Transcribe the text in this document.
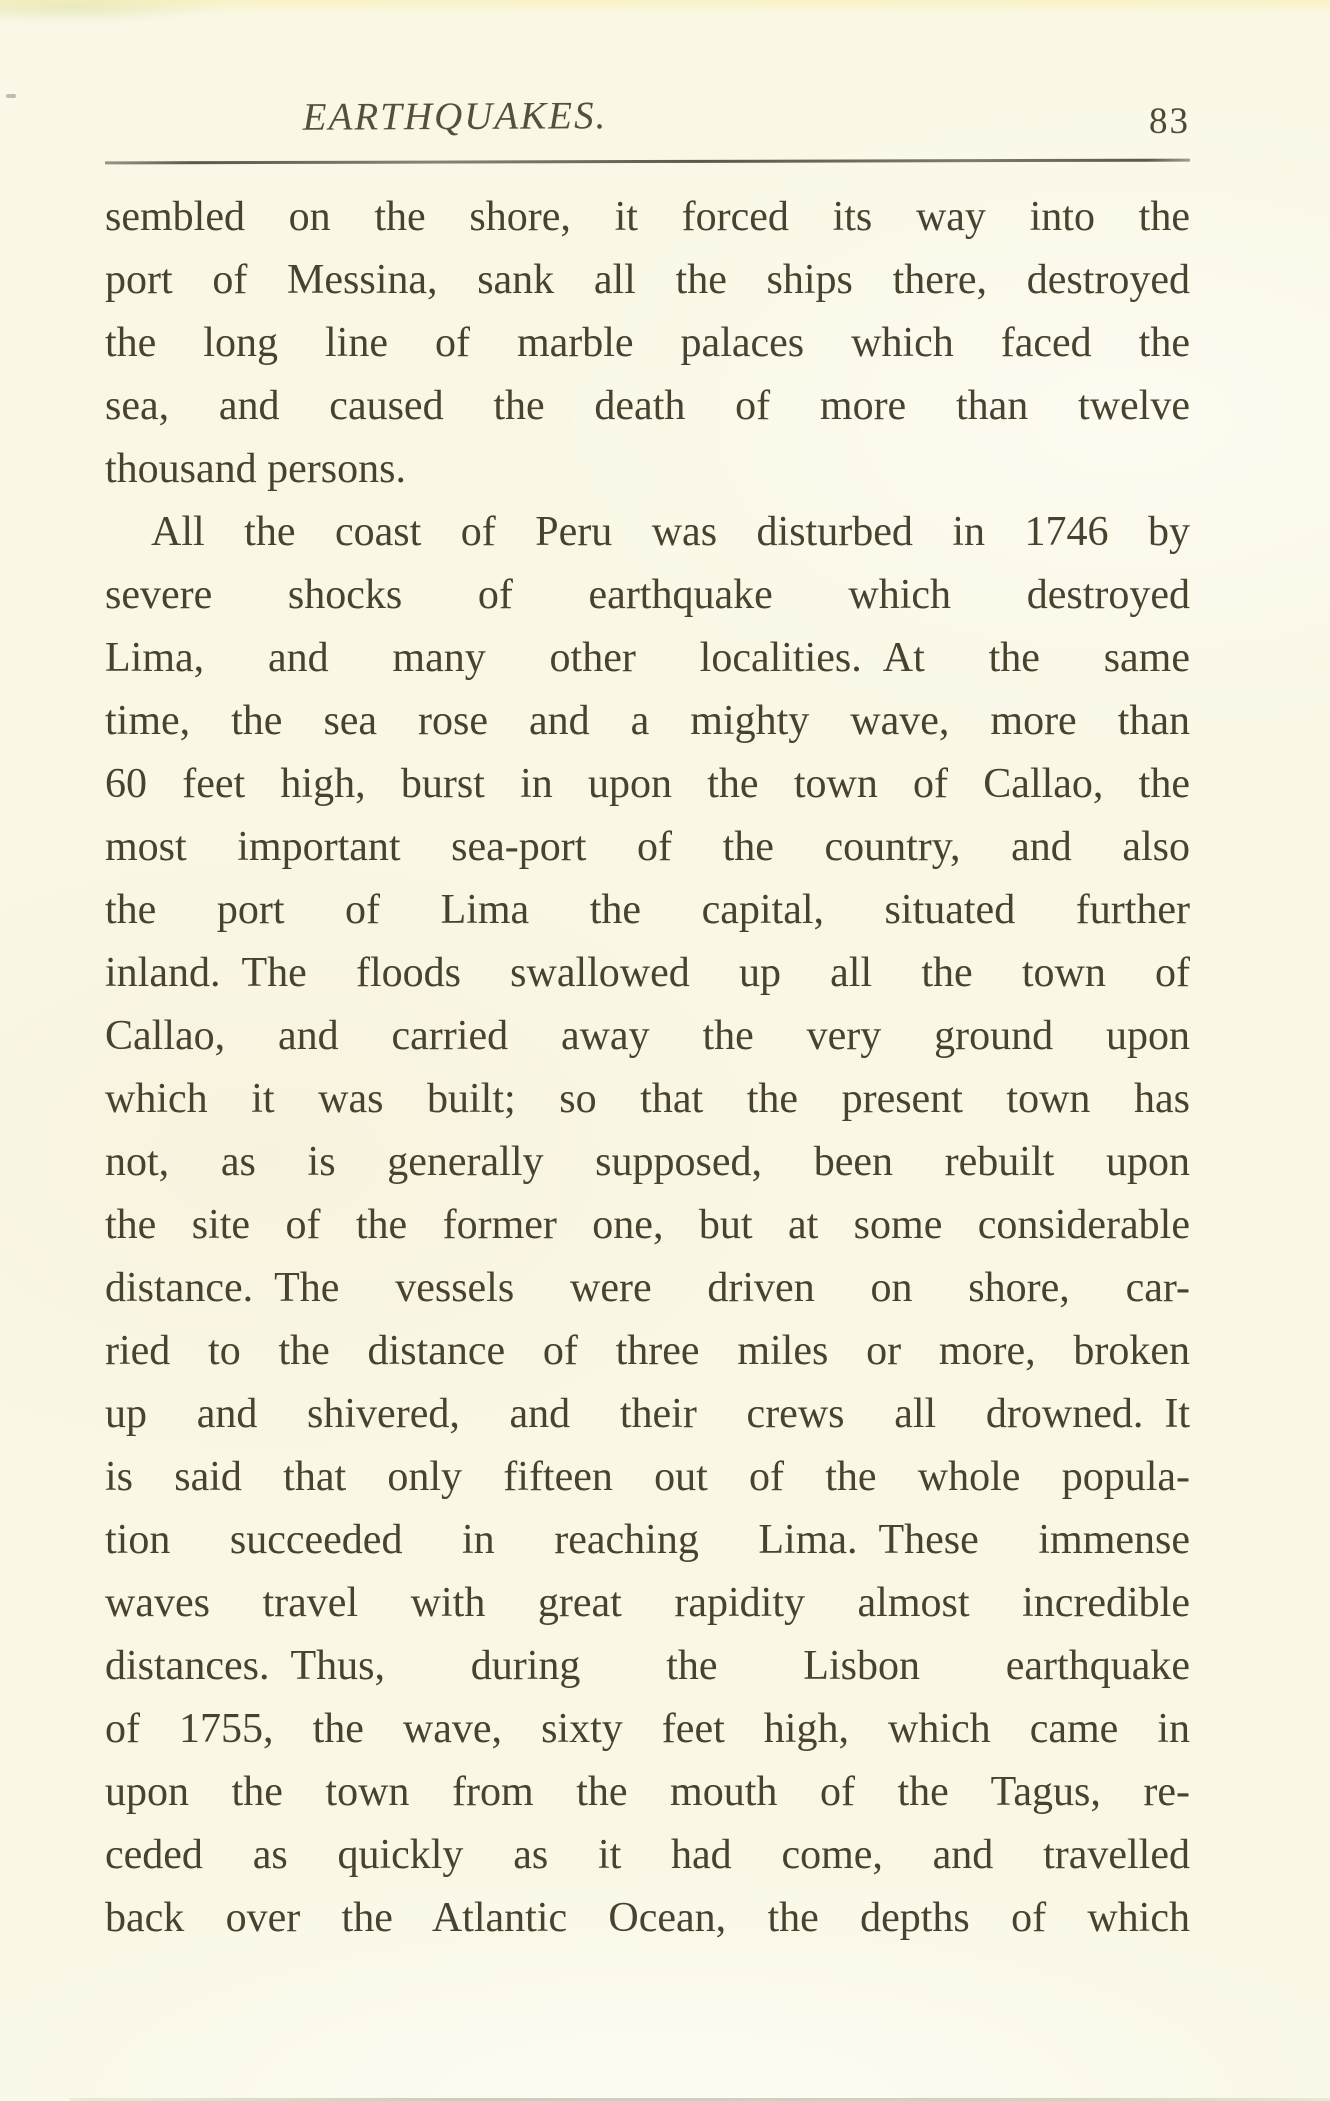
EARTHQUAKES.	83
sembled on the shore, it forced its way into the
port of Messina, sank all the ships there, destroyed
the long line of marble palaces which faced the
sea, and caused the death of more than twelve
thousand persons.
All the coast of Peru was disturbed in 1746 by
severe shocks of earthquake which destroyed
Lima, and many other localities. At the same
time, the sea rose and a mighty wave, more than
60 feet high, burst in upon the town of Callao, the
most important sea-port of the country, and also
the port of Lima the capital, situated further
inland. The floods swallowed up all the town of
Callao, and carried away the very ground upon
which it was built; so that the present town has
not, as is generally supposed, been rebuilt upon
the site of the former one, but at some considerable
distance. The vessels were driven on shore, car-
ried to the distance of three miles or more, broken
up and shivered, and their crews all drowned. It
is said that only fifteen out of the whole popula-
tion succeeded in reaching Lima. These immense
waves travel with great rapidity almost incredible
distances. Thus, during the Lisbon earthquake
of 1755, the wave, sixty feet high, which came in
upon the town from the mouth of the Tagus, re-
ceded as quickly as it had come, and travelled
back over the Atlantic Ocean, the depths of which
